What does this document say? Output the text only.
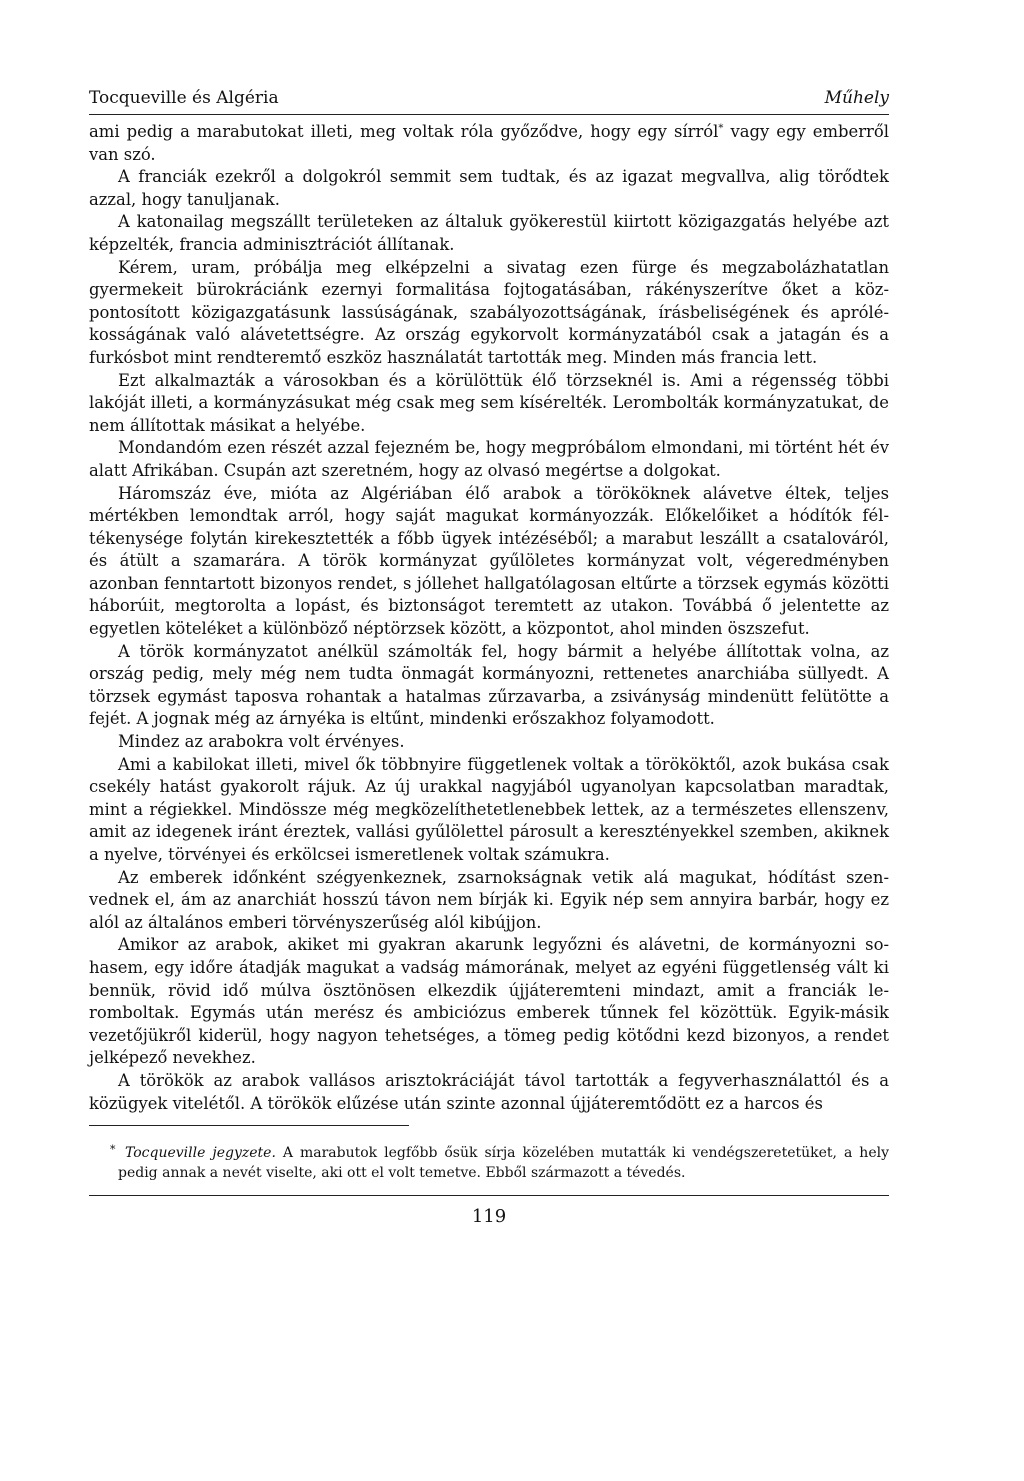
Tocqueville és Algéria	Műhely

ami pedig a marabutokat illeti, meg voltak róla győződve, hogy egy sírról* vagy egy emberről van szó.

A franciák ezekről a dolgokról semmit sem tudtak, és az igazat megvallva, alig törődtek azzal, hogy tanuljanak.

A katonailag megszállt területeken az általuk gyökerestül kiirtott közigazgatás helyébe azt képzelték, francia adminisztrációt állítanak.

Kérem, uram, próbálja meg elképzelni a sivatag ezen fürge és megzabolázhatatlan gyermekeit bürokráciánk ezernyi formalitása fojtogatásában, rákényszerítve őket a központosított közigazgatásunk lassúságának, szabályozottságának, írásbeliségének és aprólékosságának való alávetettségre. Az ország egykorvolt kormányzatából csak a jatagán és a furkósbot mint rendteremtő eszköz használatát tartották meg. Minden más francia lett.

Ezt alkalmazták a városokban és a körülöttük élő törzseknél is. Ami a régensség többi lakóját illeti, a kormányzásukat még csak meg sem kísérelték. Lerombolták kormányzatukat, de nem állítottak másikat a helyébe.

Mondandóm ezen részét azzal fejezném be, hogy megpróbálom elmondani, mi történt hét év alatt Afrikában. Csupán azt szeretném, hogy az olvasó megértse a dolgokat.

Háromszáz éve, mióta az Algériában élő arabok a törököknek alávetve éltek, teljes mértékben lemondtak arról, hogy saját magukat kormányozzák. Előkelőiket a hódítók féltékenysége folytán kirekesztették a főbb ügyek intézéséből; a marabut leszállt a csatalováról, és átült a szamarára. A török kormányzat gyűlöletes kormányzat volt, végeredményben azonban fenntartott bizonyos rendet, s jóllehet hallgatólagosan eltűrte a törzsek egymás közötti háborúit, megtorolta a lopást, és biztonságot teremtett az utakon. Továbbá ő jelentette az egyetlen köteléket a különböző néptörzsek között, a központot, ahol minden öszszefut.

A török kormányzatot anélkül számolták fel, hogy bármit a helyébe állítottak volna, az ország pedig, mely még nem tudta önmagát kormányozni, rettenetes anarchiába süllyedt. A törzsek egymást taposva rohantak a hatalmas zűrzavarba, a zsiványság mindenütt felütötte a fejét. A jognak még az árnyéka is eltűnt, mindenki erőszakhoz folyamodott.

Mindez az arabokra volt érvényes.

Ami a kabilokat illeti, mivel ők többnyire függetlenek voltak a törököktől, azok bukása csak csekély hatást gyakorolt rájuk. Az új urakkal nagyjából ugyanolyan kapcsolatban maradtak, mint a régiekkel. Mindössze még megközelíthetetlenebbek lettek, az a természetes ellenszenv, amit az idegenek iránt éreztek, vallási gyűlölettel párosult a keresztényekkel szemben, akiknek a nyelve, törvényei és erkölcsei ismeretlenek voltak számukra.

Az emberek időnként szégyenkeznek, zsarnokságnak vetik alá magukat, hódítást szenvednek el, ám az anarchiát hosszú távon nem bírják ki. Egyik nép sem annyira barbár, hogy ez alól az általános emberi törvényszerűség alól kibújjon.

Amikor az arabok, akiket mi gyakran akarunk legyőzni és alávetni, de kormányozni sohasem, egy időre átadják magukat a vadság mámorának, melyet az egyéni függetlenség vált ki bennük, rövid idő múlva ösztönösen elkezdik újjáteremteni mindazt, amit a franciák leromboltak. Egymás után merész és ambiciózus emberek tűnnek fel közöttük. Egyik-másik vezetőjükről kiderül, hogy nagyon tehetséges, a tömeg pedig kötődni kezd bizonyos, a rendet jelképező nevekhez.

A törökök az arabok vallásos arisztokráciáját távol tartották a fegyverhasználattól és a közügyek vitelétől. A törökök elűzése után szinte azonnal újjáteremtődött ez a harcos és

* Tocqueville jegyzete. A marabutok legfőbb ősük sírja közelében mutatták ki vendégszeretetüket, a hely pedig annak a nevét viselte, aki ott el volt temetve. Ebből származott a tévedés.
119
